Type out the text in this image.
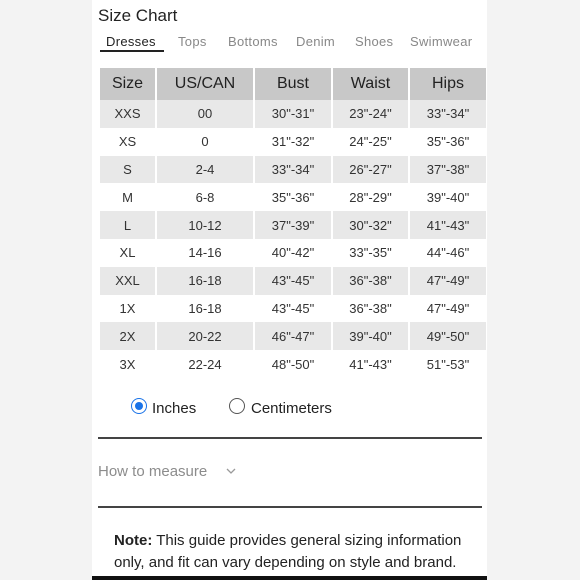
Size Chart
Dresses Tops Bottoms Denim Shoes Swimwear
Size	US/CAN	Bust	Waist	Hips
XXS	00	30"-31"	23"-24"	33"-34"
XS	0	31"-32"	24"-25"	35"-36"
S	2-4	33"-34"	26"-27"	37"-38"
M	6-8	35"-36"	28"-29"	39"-40"
L	10-12	37"-39"	30"-32"	41"-43"
XL	14-16	40"-42"	33"-35"	44"-46"
XXL	16-18	43"-45"	36"-38"	47"-49"
1X	16-18	43"-45"	36"-38"	47"-49"
2X	20-22	46"-47"	39"-40"	49"-50"
3X	22-24	48"-50"	41"-43"	51"-53"
Inches	Centimeters
How to measure
Note: This guide provides general sizing information only, and fit can vary depending on style and brand.
